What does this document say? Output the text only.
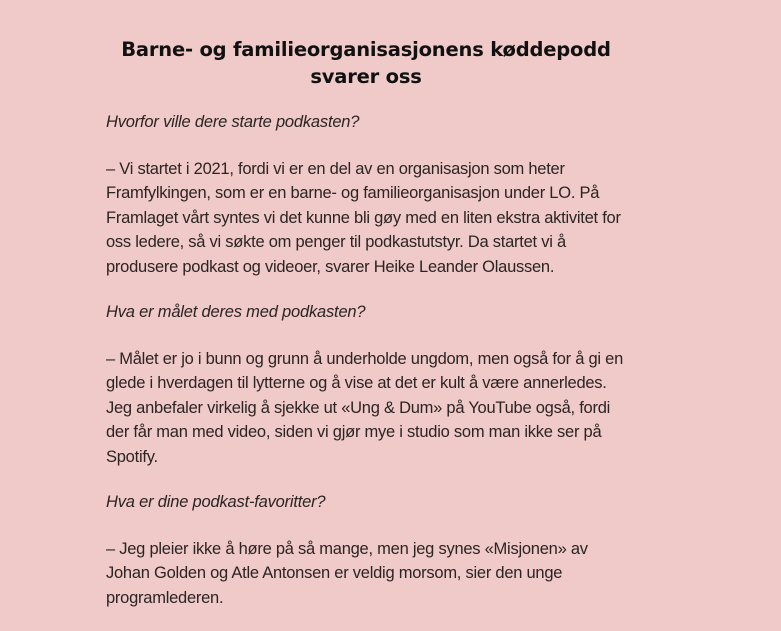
Barne- og familieorganisasjonens køddepodd svarer oss

Hvorfor ville dere starte podkasten?

– Vi startet i 2021, fordi vi er en del av en organisasjon som heter Framfylkingen, som er en barne- og familieorganisasjon under LO. På Framlaget vårt syntes vi det kunne bli gøy med en liten ekstra aktivitet for oss ledere, så vi søkte om penger til podkastutstyr. Da startet vi å produsere podkast og videoer, svarer Heike Leander Olaussen.

Hva er målet deres med podkasten?

– Målet er jo i bunn og grunn å underholde ungdom, men også for å gi en glede i hverdagen til lytterne og å vise at det er kult å være annerledes. Jeg anbefaler virkelig å sjekke ut «Ung & Dum» på YouTube også, fordi der får man med video, siden vi gjør mye i studio som man ikke ser på Spotify.

Hva er dine podkast-favoritter?

– Jeg pleier ikke å høre på så mange, men jeg synes «Misjonen» av Johan Golden og Atle Antonsen er veldig morsom, sier den unge programlederen.
